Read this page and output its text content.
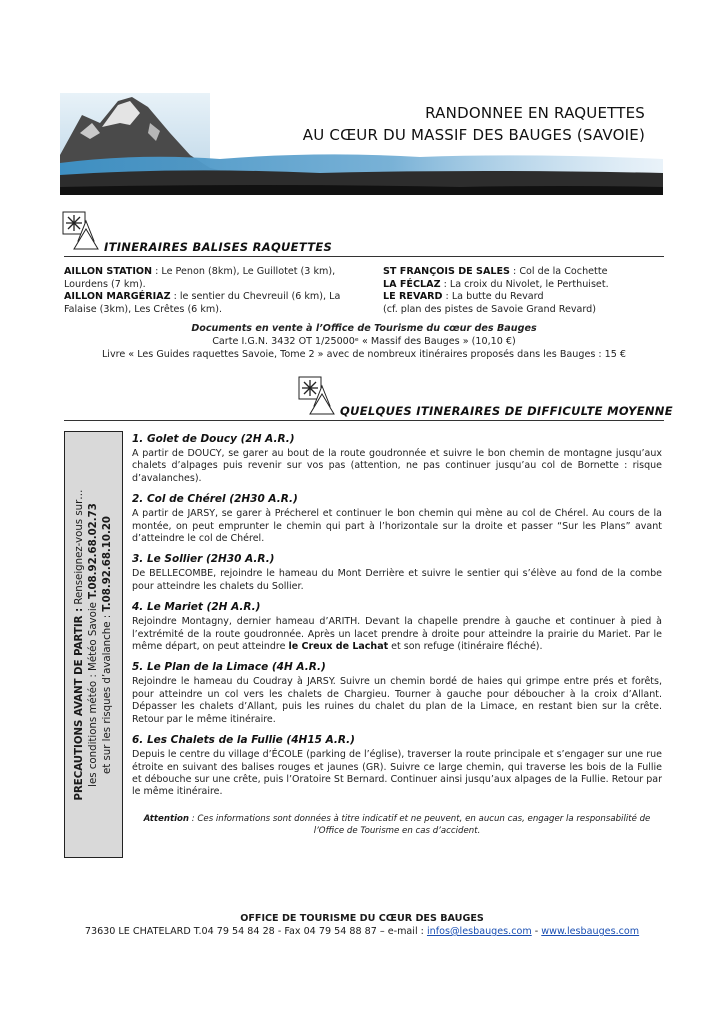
RANDONNEE EN RAQUETTES
AU CŒUR DU MASSIF DES BAUGES (SAVOIE)
ITINERAIRES BALISES RAQUETTES
AILLON STATION : Le Penon (8km), Le Guillotet (3 km), Lourdens (7 km).
AILLON MARGÉRIAZ : le sentier du Chevreuil (6 km), La Falaise (3km), Les Crêtes (6 km).
ST FRANÇOIS DE SALES : Col de la Cochette
LA FÉCLAZ : La croix du Nivolet, le Perthuiset.
LE REVARD : La butte du Revard
(cf. plan des pistes de Savoie Grand Revard)
Documents en vente à l’Office de Tourisme du cœur des Bauges
Carte I.G.N. 3432 OT 1/25000ᵉ « Massif des Bauges » (10,10 €)
Livre « Les Guides raquettes Savoie, Tome 2 » avec de nombreux itinéraires proposés dans les Bauges : 15 €
QUELQUES ITINERAIRES DE DIFFICULTE MOYENNE
PRECAUTIONS AVANT DE PARTIR : Renseignez-vous sur…
les conditions météo : Météo Savoie T.08.92.68.02.73
et sur les risques d’avalanche : T.08.92.68.10.20
1. Golet de Doucy (2H A.R.)
A partir de DOUCY, se garer au bout de la route goudronnée et suivre le bon chemin de montagne jusqu’aux chalets d’alpages puis revenir sur vos pas (attention, ne pas continuer jusqu’au col de Bornette : risque d’avalanches).
2. Col de Chérel (2H30 A.R.)
A partir de JARSY, se garer à Précherel et continuer le bon chemin qui mène au col de Chérel. Au cours de la montée, on peut emprunter le chemin qui part à l’horizontale sur la droite et passer “Sur les Plans” avant d’atteindre le col de Chérel.
3. Le Sollier (2H30 A.R.)
De BELLECOMBE, rejoindre le hameau du Mont Derrière et suivre le sentier qui s’élève au fond de la combe pour atteindre les chalets du Sollier.
4. Le Mariet (2H A.R.)
Rejoindre Montagny, dernier hameau d’ARITH. Devant la chapelle prendre à gauche et continuer à pied à l’extrémité de la route goudronnée. Après un lacet prendre à droite pour atteindre la prairie du Mariet. Par le même départ, on peut atteindre le Creux de Lachat et son refuge (itinéraire fléché).
5. Le Plan de la Limace (4H A.R.)
Rejoindre le hameau du Coudray à JARSY. Suivre un chemin bordé de haies qui grimpe entre prés et forêts, pour atteindre un col vers les chalets de Chargieu. Tourner à gauche pour déboucher à la croix d’Allant. Dépasser les chalets d’Allant, puis les ruines du chalet du plan de la Limace, en restant bien sur la crête. Retour par le même itinéraire.
6. Les Chalets de la Fullie (4H15 A.R.)
Depuis le centre du village d’ÉCOLE (parking de l’église), traverser la route principale et s’engager sur une rue étroite en suivant des balises rouges et jaunes (GR). Suivre ce large chemin, qui traverse les bois de la Fullie et débouche sur une crête, puis l’Oratoire St Bernard. Continuer ainsi jusqu’aux alpages de la Fullie. Retour par le même itinéraire.
Attention : Ces informations sont données à titre indicatif et ne peuvent, en aucun cas, engager la responsabilité de l’Office de Tourisme en cas d’accident.
OFFICE DE TOURISME DU CŒUR DES BAUGES
73630 LE CHATELARD T.04 79 54 84 28 - Fax 04 79 54 88 87 – e-mail : infos@lesbauges.com - www.lesbauges.com
